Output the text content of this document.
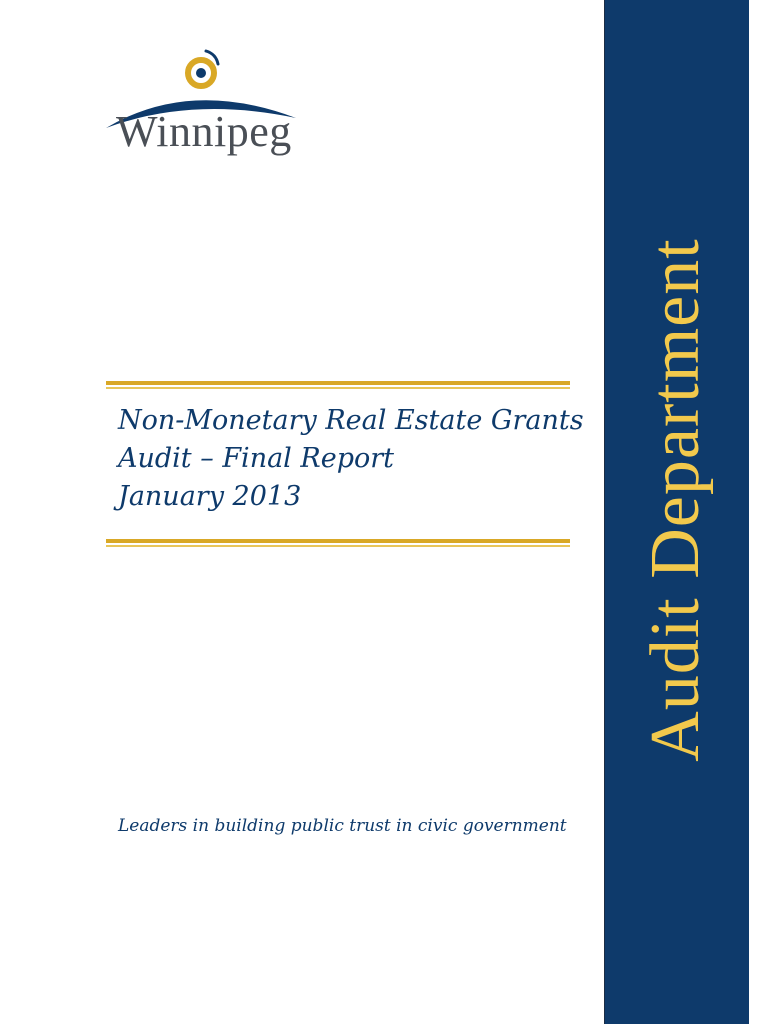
Winnipeg
Non-Monetary Real Estate Grants
Audit – Final Report
January 2013
Leaders in building public trust in civic government
Audit Department
